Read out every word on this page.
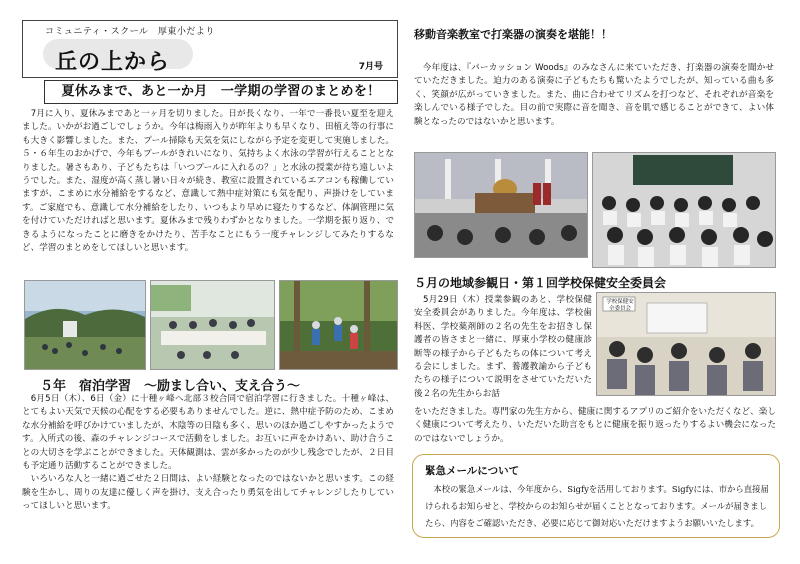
コミュニティ・スクール　厚東小だより
丘の上から	7月号
夏休みまで、あと一か月　一学期の学習のまとめを！

　7月に入り、夏休みまであと一ヶ月を切りました。日が長くなり、一年で一番長い夏至を迎えました。いかがお過ごしでしょうか。今年は梅雨入りが昨年よりも早くなり、田植え等の行事にも大きく影響しました。また、プール掃除も天気を気にしながら予定を変更して実施しました。５・６年生のおかげで、今年もプールがきれいになり、気持ちよく水泳の学習が行えることとなりました。暑さもあり、子どもたちは「いつプールに入れるの？」と水泳の授業が待ち遠しいようでした。また、湿度が高く蒸し暑い日々が続き、教室に設置されているエアコンも稼働していますが、こまめに水分補給をするなど、意識して熱中症対策にも気を配り、声掛けをしています。ご家庭でも、意識して水分補給をしたり、いつもより早めに寝たりするなど、体調管理に気を付けていただければと思います。夏休みまで残りわずかとなりました。一学期を振り返り、できるようになったことに磨きをかけたり、苦手なことにもう一度チャレンジしてみたりするなど、学習のまとめをしてほしいと思います。

５年　宿泊学習　～励まし合い、支え合う～

　6月5日（木）、6日（金）に十種ヶ峰へ北部３校合同で宿泊学習に行きました。十種ヶ峰は、とてもよい天気で天候の心配をする必要もありませんでした。逆に、熱中症予防のため、こまめな水分補給を呼びかけていましたが、木陰等の日陰も多く、思いのほか過ごしやすかったようです。入所式の後、森のチャレンジコースで活動をしました。お互いに声をかけあい、助け合うことの大切さを学ぶことができました。天体観測は、雲が多かったのが少し残念でしたが、２日目も予定通り活動することができました。

　いろいろな人と一緒に過ごせた２日間は、よい経験となったのではないかと思います。この経験を生かし、周りの友達に優しく声を掛け、支え合ったり勇気を出してチャレンジしたりしていってほしいと思います。

移動音楽教室で打楽器の演奏を堪能！！

　今年度は、『パーカッション Woods』のみなさんに来ていただき、打楽器の演奏を聞かせていただきました。迫力のある演奏に子どもたちも驚いたようでしたが、知っている曲も多く、笑顔が広がっていきました。また、曲に合わせてリズムを打つなど、それぞれが音楽を楽しんでいる様子でした。目の前で実際に音を聞き、音を肌で感じることができて、よい体験となったのではないかと思います。

５月の地域参観日・第１回学校保健安全委員会

　5月29日（木）授業参観のあと、学校保健安全委員会がありました。今年度は、学校歯科医、学校薬剤師の２名の先生をお招きし保護者の皆さまと一緒に、厚東小学校の健康診断等の様子から子どもたちの体について考える会にしました。まず、養護教諭から子どもたちの様子について説明をさせていただいた後２名の先生からお話

学校保健安全委員会

をいただきました。専門家の先生方から、健康に関するアプリのご紹介をいただくなど、楽しく健康について考えたり、いただいた助言をもとに健康を振り返ったりするよい機会になったのではないでしょうか。

緊急メールについて
　本校の緊急メールは、今年度から、Sigfyを活用しております。Sigfyには、市から直接届けられるお知らせと、学校からのお知らせが届くこととなっております。メールが届きましたら、内容をご確認いただき、必要に応じて御対応いただけますようお願いいたします。
